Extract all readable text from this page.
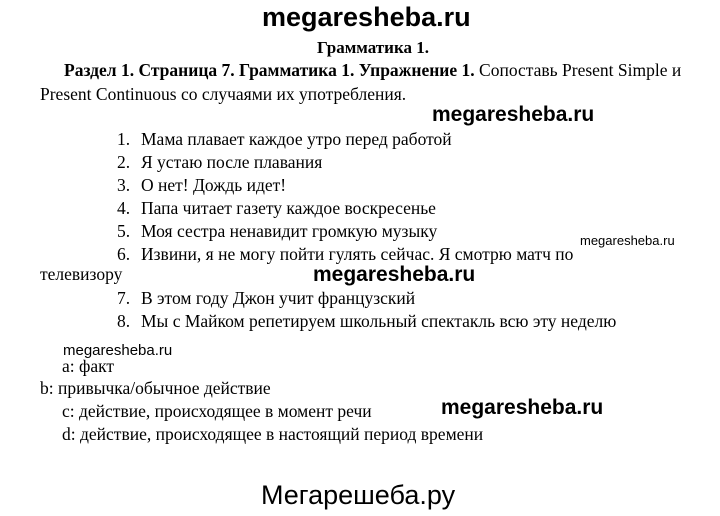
megaresheba.ru
megaresheba.ru
megaresheba.ru
megaresheba.ru
megaresheba.ru
megaresheba.ru
Мегарешеба.ру
Грамматика 1.
Раздел 1. Страница 7. Грамматика 1. Упражнение 1. Сопоставь Present Simple и Present Continuous со случаями их употребления.
1. Мама плавает каждое утро перед работой
2. Я устаю после плавания
3. О нет! Дождь идет!
4. Папа читает газету каждое воскресенье
5. Моя сестра ненавидит громкую музыку
6. Извини, я не могу пойти гулять сейчас. Я смотрю матч по
телевизору
7. В этом году Джон учит французский
8. Мы с Майком репетируем школьный спектакль всю эту неделю
a: факт
b: привычка/обычное действие
c: действие, происходящее в момент речи
d: действие, происходящее в настоящий период времени
